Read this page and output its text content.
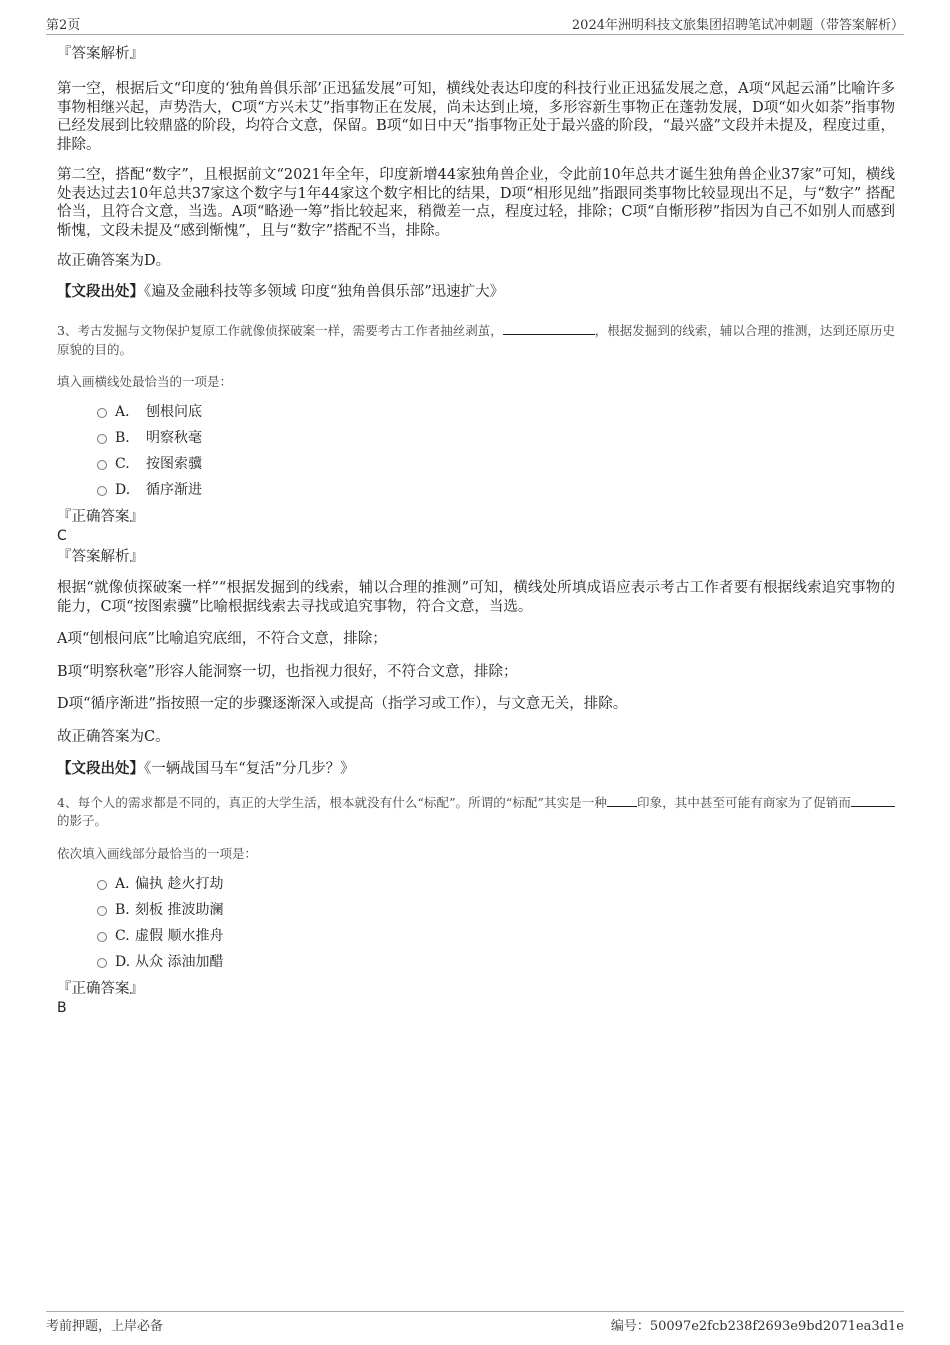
第2页	2024年洲明科技文旅集团招聘笔试冲刺题（带答案解析）
『答案解析』
第一空，根据后文“印度的‘独角兽俱乐部’正迅猛发展”可知，横线处表达印度的科技行业正迅猛发展之意，A项“风起云涌”比喻许多事物相继兴起，声势浩大，C项“方兴未艾”指事物正在发展，尚未达到止境，多形容新生事物正在蓬勃发展，D项“如火如荼”指事物已经发展到比较鼎盛的阶段，均符合文意，保留。B项“如日中天”指事物正处于最兴盛的阶段，“最兴盛”文段并未提及，程度过重，排除。
第二空，搭配“数字”，且根据前文“2021年全年，印度新增44家独角兽企业，令此前10年总共才诞生独角兽企业37家”可知，横线处表达过去10年总共37家这个数字与1年44家这个数字相比的结果，D项“相形见绌”指跟同类事物比较显现出不足，与“数字” 搭配恰当，且符合文意，当选。A项“略逊一筹”指比较起来，稍微差一点，程度过轻，排除；C项“自惭形秽”指因为自己不如别人而感到惭愧，文段未提及“感到惭愧”，且与“数字”搭配不当，排除。
故正确答案为D。
【文段出处】《遍及金融科技等多领域 印度“独角兽俱乐部”迅速扩大》
3、考古发掘与文物保护复原工作就像侦探破案一样，需要考古工作者抽丝剥茧，	，根据发掘到的线索，辅以合理的推测，达到还原历史原貌的目的。
填入画横线处最恰当的一项是：
A． 刨根问底
B. 明察秋毫
C. 按图索骥
D. 循序渐进
『正确答案』
C
『答案解析』
根据“就像侦探破案一样”“根据发掘到的线索，辅以合理的推测”可知，横线处所填成语应表示考古工作者要有根据线索追究事物的能力，C项“按图索骥”比喻根据线索去寻找或追究事物，符合文意，当选。
A项“刨根问底”比喻追究底细，不符合文意，排除；
B项“明察秋毫”形容人能洞察一切，也指视力很好，不符合文意，排除；
D项“循序渐进”指按照一定的步骤逐渐深入或提高（指学习或工作），与文意无关，排除。
故正确答案为C。
【文段出处】《一辆战国马车“复活”分几步？》
4、每个人的需求都是不同的，真正的大学生活，根本就没有什么“标配”。所谓的“标配”其实是一种 印象，其中甚至可能有商家为了促销而的影子。
依次填入画线部分最恰当的一项是：
A．偏执 趁火打劫
B. 刻板 推波助澜
C. 虚假 顺水推舟
D. 从众 添油加醋
『正确答案』
B
考前押题，上岸必备	编号：50097e2fcb238f2693e9bd2071ea3d1e
